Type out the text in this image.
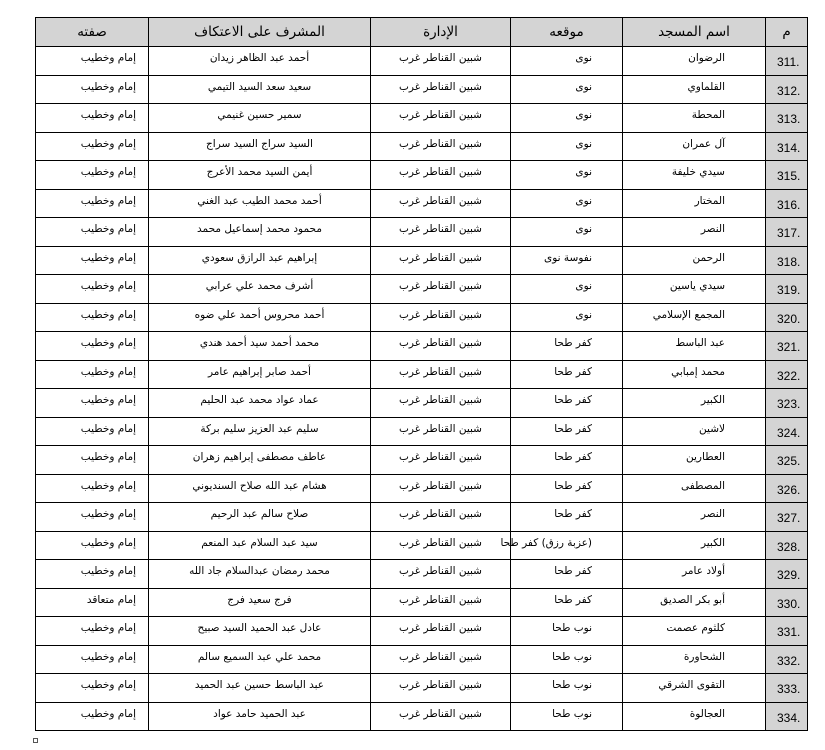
م	اسم المسجد	موقعه	الإدارة	المشرف على الاعتكاف	صفته
311.	الرضوان	نوى	شبين القناطر غرب	أحمد عبد الظاهر زيدان	إمام وخطيب
312.	القلماوي	نوى	شبين القناطر غرب	سعيد سعد السيد التيمي	إمام وخطيب
313.	المحطة	نوى	شبين القناطر غرب	سمير حسين غنيمي	إمام وخطيب
314.	آل عمران	نوى	شبين القناطر غرب	السيد سراج السيد سراج	إمام وخطيب
315.	سيدي خليفة	نوى	شبين القناطر غرب	أيمن السيد محمد الأعرج	إمام وخطيب
316.	المختار	نوى	شبين القناطر غرب	أحمد محمد الطيب عبد الغني	إمام وخطيب
317.	النصر	نوى	شبين القناطر غرب	محمود محمد إسماعيل محمد	إمام وخطيب
318.	الرحمن	نفوسة نوى	شبين القناطر غرب	إبراهيم عبد الرازق سعودي	إمام وخطيب
319.	سيدي ياسين	نوى	شبين القناطر غرب	أشرف محمد علي عرابي	إمام وخطيب
320.	المجمع الإسلامي	نوى	شبين القناطر غرب	أحمد محروس أحمد علي ضوه	إمام وخطيب
321.	عبد الباسط	كفر طحا	شبين القناطر غرب	محمد أحمد سيد أحمد هندي	إمام وخطيب
322.	محمد إمبابي	كفر طحا	شبين القناطر غرب	أحمد صابر إبراهيم عامر	إمام وخطيب
323.	الكبير	كفر طحا	شبين القناطر غرب	عماد عواد محمد عبد الحليم	إمام وخطيب
324.	لاشين	كفر طحا	شبين القناطر غرب	سليم عبد العزيز سليم بركة	إمام وخطيب
325.	العطارين	كفر طحا	شبين القناطر غرب	عاطف مصطفى إبراهيم زهران	إمام وخطيب
326.	المصطفى	كفر طحا	شبين القناطر غرب	هشام عبد الله صلاح السنديوني	إمام وخطيب
327.	النصر	كفر طحا	شبين القناطر غرب	صلاح سالم عبد الرحيم	إمام وخطيب
328.	الكبير	(عزبة رزق) كفر طحا	شبين القناطر غرب	سيد عبد السلام عبد المنعم	إمام وخطيب
329.	أولاد عامر	كفر طحا	شبين القناطر غرب	محمد رمضان عبدالسلام جاد الله	إمام وخطيب
330.	أبو بكر الصديق	كفر طحا	شبين القناطر غرب	فرج سعيد فرج	إمام متعاقد
331.	كلثوم عصمت	نوب طحا	شبين القناطر غرب	عادل عبد الحميد السيد صبيح	إمام وخطيب
332.	الشحاورة	نوب طحا	شبين القناطر غرب	محمد علي عبد السميع سالم	إمام وخطيب
333.	التقوى الشرقي	نوب طحا	شبين القناطر غرب	عبد الباسط حسين عبد الحميد	إمام وخطيب
334.	العجالوة	نوب طحا	شبين القناطر غرب	عبد الحميد حامد عواد	إمام وخطيب
